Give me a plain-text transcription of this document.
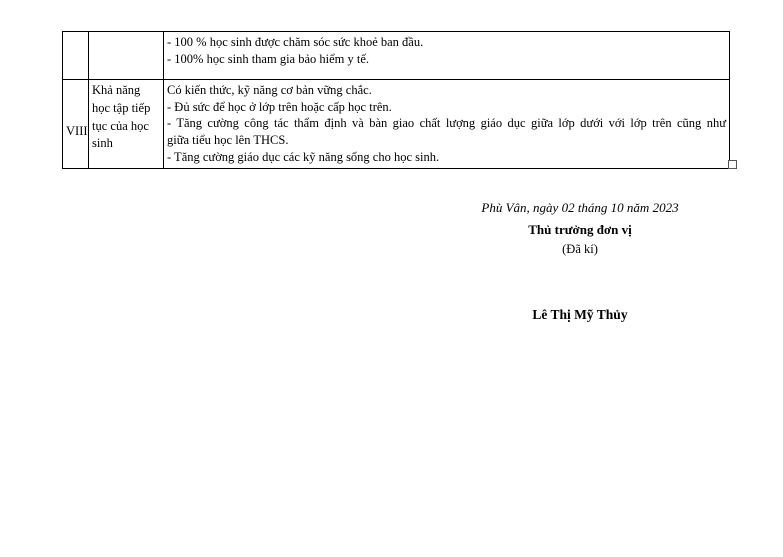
		- 100 % học sinh được chăm sóc sức khoẻ ban đầu.
- 100% học sinh tham gia bảo hiểm y tế.

VIII	Khả năng học tập tiếp tục của học sinh	Có kiến thức, kỹ năng cơ bản vững chắc.
- Đủ sức để học ở lớp trên hoặc cấp học trên.
- Tăng cường công tác thẩm định và bàn giao chất lượng giáo dục giữa lớp dưới với lớp trên cũng như
giữa tiểu học lên THCS.
- Tăng cường giáo dục các kỹ năng sống cho học sinh.
Phù Vân, ngày 02 tháng 10 năm 2023
Thủ trưởng đơn vị
(Đã kí)
Lê Thị Mỹ Thủy
